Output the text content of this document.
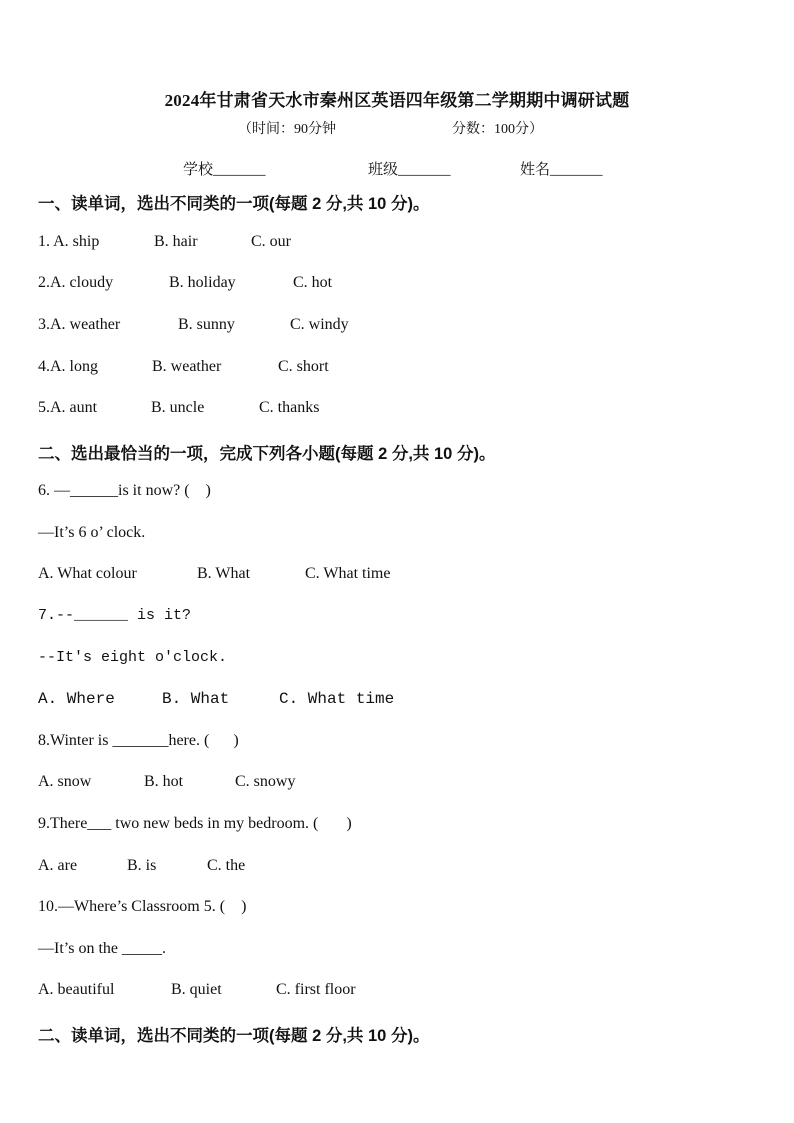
2024年甘肃省天水市秦州区英语四年级第二学期期中调研试题
（时间：90分钟	分数：100分）
学校_______	班级_______	姓名_______
一、读单词，选出不同类的一项(每题 2 分,共 10 分)。
1. A. ship	B. hair	C. our
2.A. cloudy	B. holiday	C. hot
3.A. weather	B. sunny	C. windy
4.A. long	B. weather	C. short
5.A. aunt	B. uncle	C. thanks
二、选出最恰当的一项，完成下列各小题(每题 2 分,共 10 分)。
6. —______is it now? (    )
—It’s 6 o’ clock.
A. What colour	B. What	C. What time
7.--______ is it?
--It's eight o'clock.
A. Where	B. What	C. What time
8.Winter is _______here. (      )
A. snow	B. hot	C. snowy
9.There___ two new beds in my bedroom. (       )
A. are	B. is	C. the
10.—Where’s Classroom 5. (    )
—It’s on the _____.
A. beautiful	B. quiet	C. first floor
二、读单词，选出不同类的一项(每题 2 分,共 10 分)。
